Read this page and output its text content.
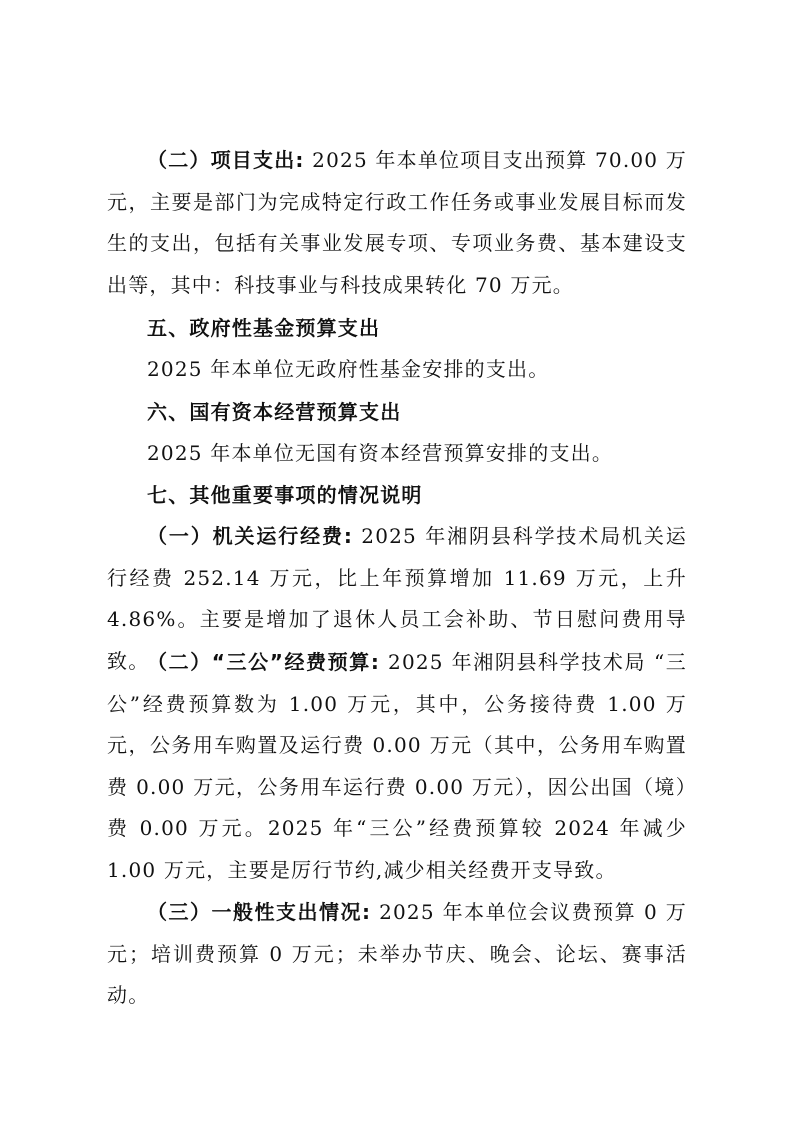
（二）项目支出: 2025 年本单位项目支出预算 70.00 万元，主要是部门为完成特定行政工作任务或事业发展目标而发生的支出，包括有关事业发展专项、专项业务费、基本建设支出等，其中：科技事业与科技成果转化 70 万元。

五、政府性基金预算支出

2025 年本单位无政府性基金安排的支出。

六、国有资本经营预算支出

2025 年本单位无国有资本经营预算安排的支出。

七、其他重要事项的情况说明

（一）机关运行经费: 2025 年湘阴县科学技术局机关运行经费 252.14 万元，比上年预算增加 11.69 万元，上升 4.86%。主要是增加了退休人员工会补助、节日慰问费用导致。

（二）“三公”经费预算: 2025 年湘阴县科学技术局 “三公”经费预算数为 1.00 万元，其中，公务接待费 1.00 万元，公务用车购置及运行费 0.00 万元（其中，公务用车购置费 0.00 万元，公务用车运行费 0.00 万元），因公出国（境）费 0.00 万元。2025 年“三公”经费预算较 2024 年减少 1.00 万元，主要是厉行节约,减少相关经费开支导致。

（三）一般性支出情况: 2025 年本单位会议费预算 0 万元；培训费预算 0 万元；未举办节庆、晚会、论坛、赛事活动。
